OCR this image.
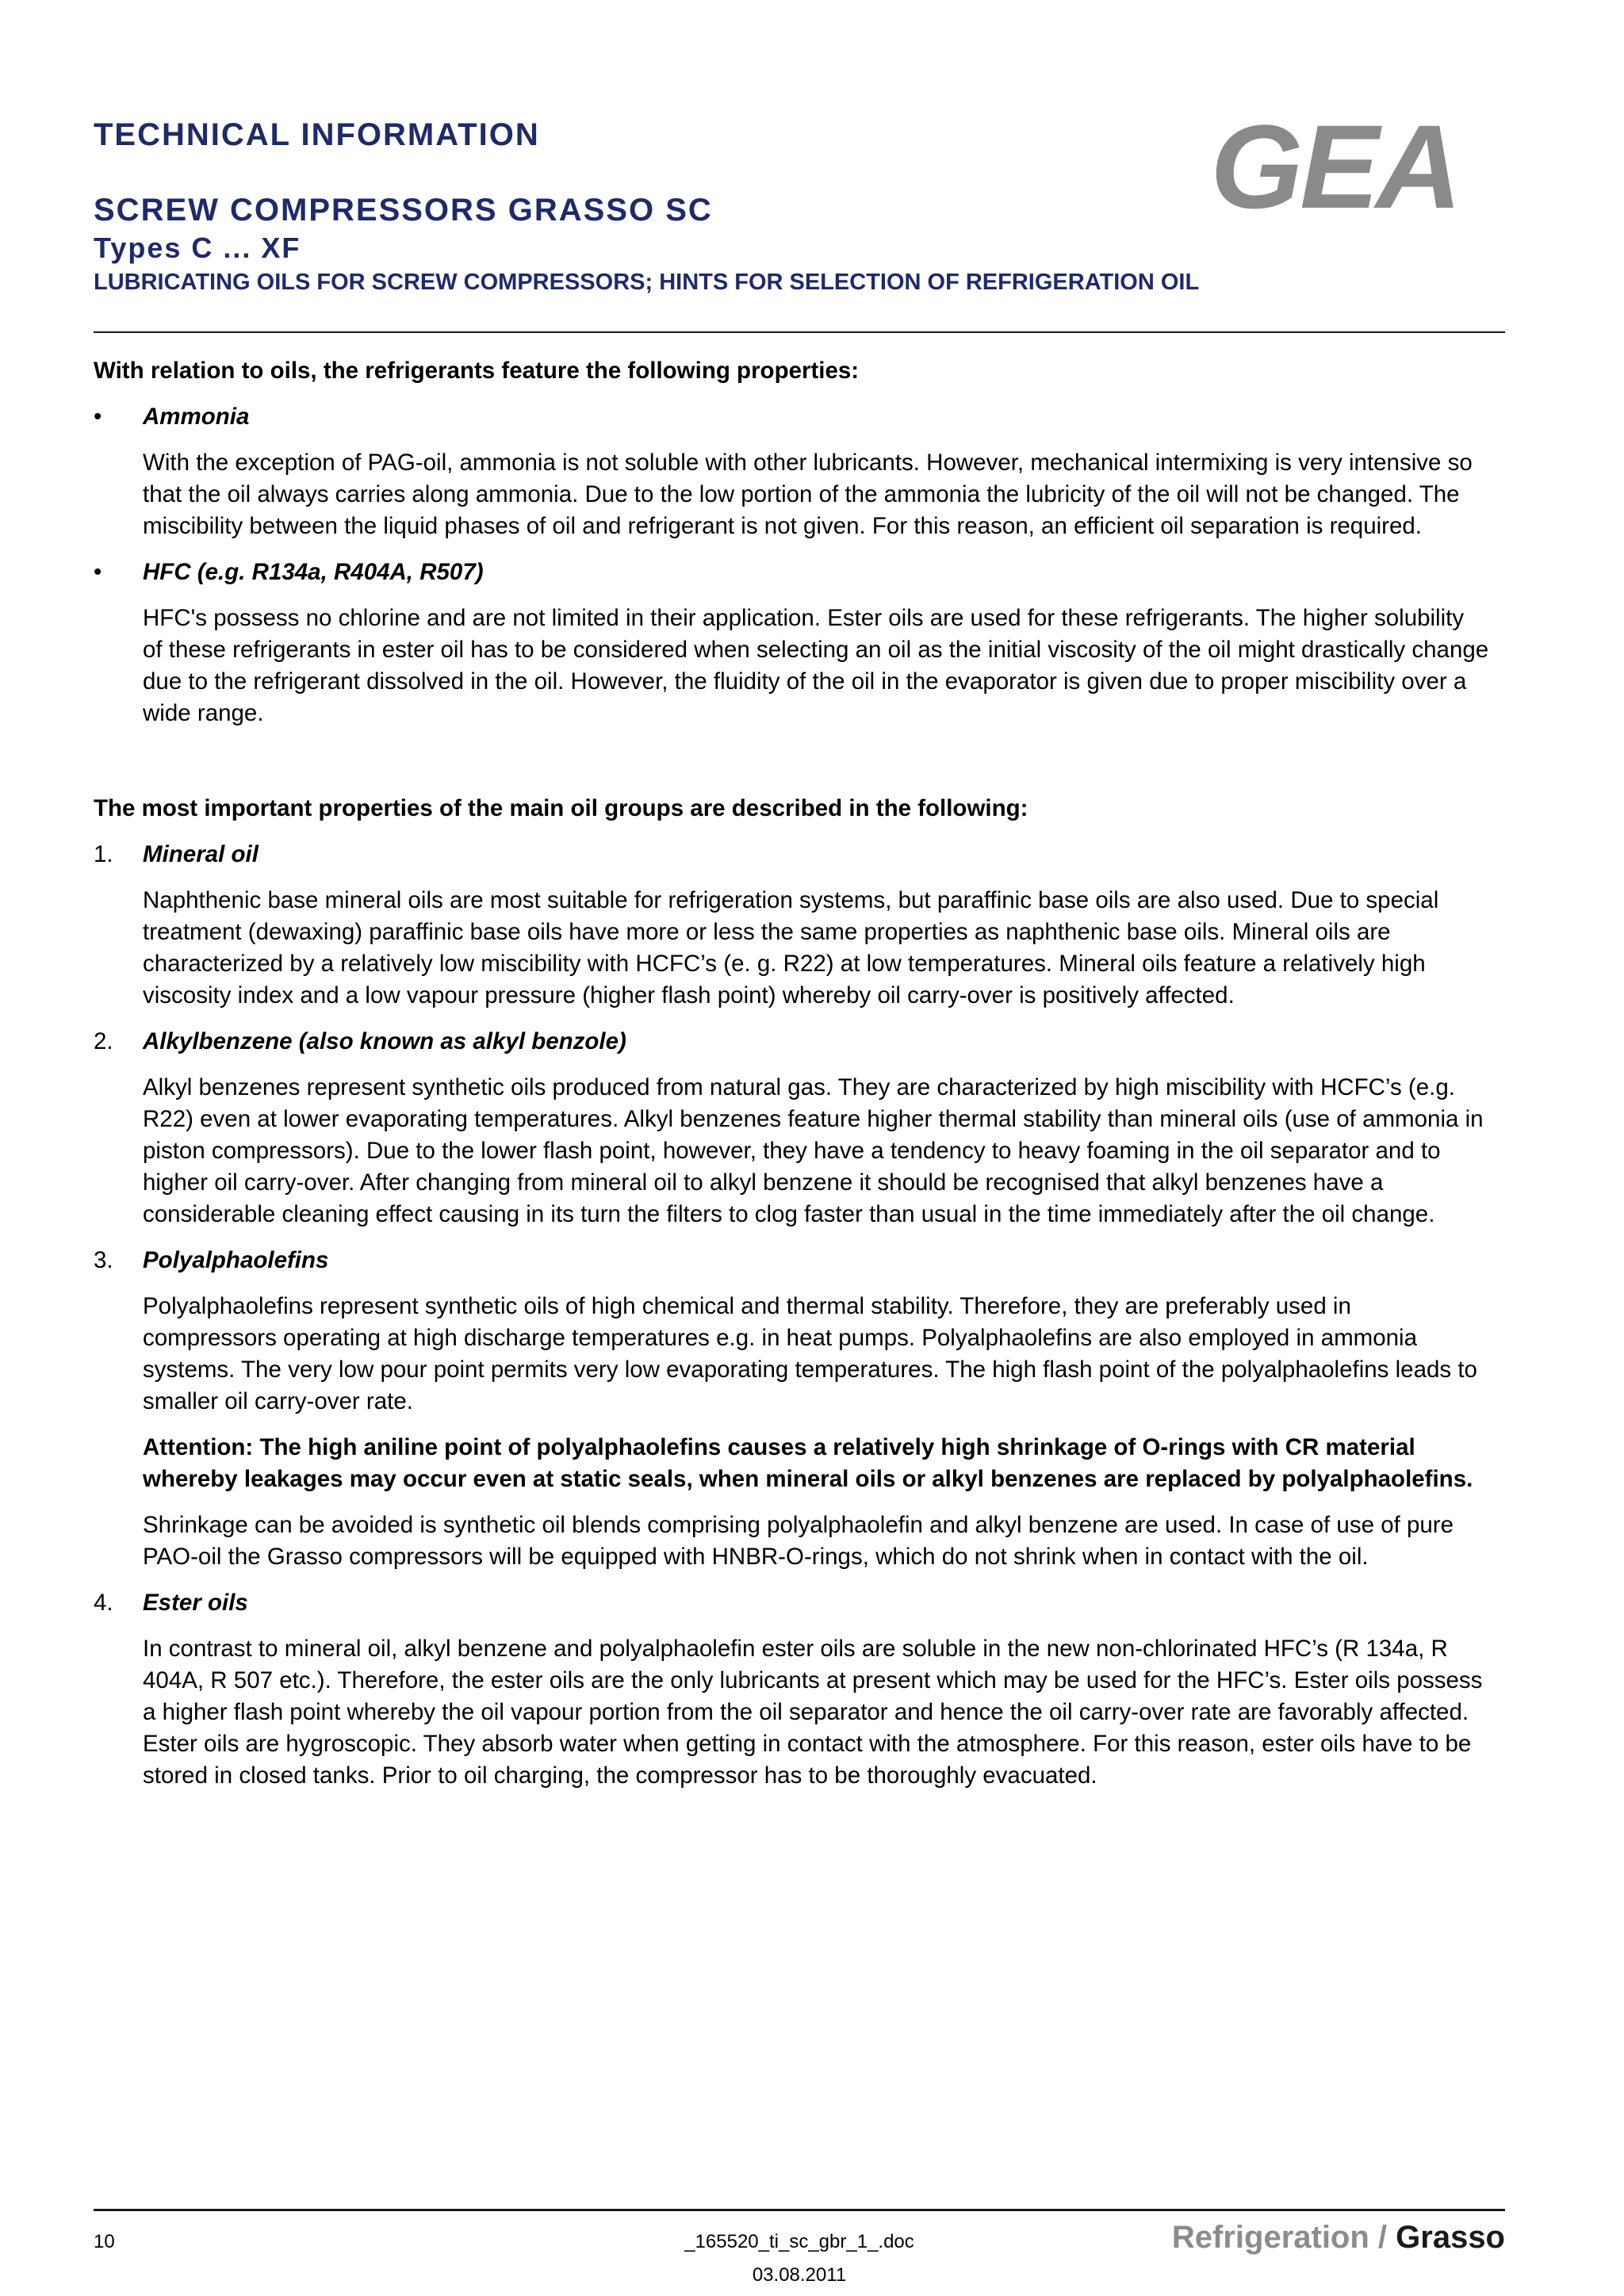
TECHNICAL INFORMATION
SCREW COMPRESSORS GRASSO SC
Types C ... XF
LUBRICATING OILS FOR SCREW COMPRESSORS; HINTS FOR SELECTION OF REFRIGERATION OIL
GEA

With relation to oils, the refrigerants feature the following properties:

• Ammonia

With the exception of PAG-oil, ammonia is not soluble with other lubricants. However, mechanical intermixing is very intensive so that the oil always carries along ammonia. Due to the low portion of the ammonia the lubricity of the oil will not be changed. The miscibility between the liquid phases of oil and refrigerant is not given. For this reason, an efficient oil separation is required.

• HFC (e.g. R134a, R404A, R507)

HFC's possess no chlorine and are not limited in their application. Ester oils are used for these refrigerants. The higher solubility of these refrigerants in ester oil has to be considered when selecting an oil as the initial viscosity of the oil might drastically change due to the refrigerant dissolved in the oil. However, the fluidity of the oil in the evaporator is given due to proper miscibility over a wide range.

The most important properties of the main oil groups are described in the following:

1. Mineral oil

Naphthenic base mineral oils are most suitable for refrigeration systems, but paraffinic base oils are also used. Due to special treatment (dewaxing) paraffinic base oils have more or less the same properties as naphthenic base oils. Mineral oils are characterized by a relatively low miscibility with HCFC’s (e. g. R22) at low temperatures. Mineral oils feature a relatively high viscosity index and a low vapour pressure (higher flash point) whereby oil carry-over is positively affected.

2. Alkylbenzene (also known as alkyl benzole)

Alkyl benzenes represent synthetic oils produced from natural gas. They are characterized by high miscibility with HCFC’s (e.g. R22) even at lower evaporating temperatures. Alkyl benzenes feature higher thermal stability than mineral oils (use of ammonia in piston compressors). Due to the lower flash point, however, they have a tendency to heavy foaming in the oil separator and to higher oil carry-over. After changing from mineral oil to alkyl benzene it should be recognised that alkyl benzenes have a considerable cleaning effect causing in its turn the filters to clog faster than usual in the time immediately after the oil change.

3. Polyalphaolefins

Polyalphaolefins represent synthetic oils of high chemical and thermal stability. Therefore, they are preferably used in compressors operating at high discharge temperatures e.g. in heat pumps. Polyalphaolefins are also employed in ammonia systems. The very low pour point permits very low evaporating temperatures. The high flash point of the polyalphaolefins leads to smaller oil carry-over rate.

Attention: The high aniline point of polyalphaolefins causes a relatively high shrinkage of O-rings with CR material whereby leakages may occur even at static seals, when mineral oils or alkyl benzenes are replaced by polyalphaolefins.

Shrinkage can be avoided is synthetic oil blends comprising polyalphaolefin and alkyl benzene are used. In case of use of pure PAO-oil the Grasso compressors will be equipped with HNBR-O-rings, which do not shrink when in contact with the oil.

4. Ester oils

In contrast to mineral oil, alkyl benzene and polyalphaolefin ester oils are soluble in the new non-chlorinated HFC’s (R 134a, R 404A, R 507 etc.). Therefore, the ester oils are the only lubricants at present which may be used for the HFC’s. Ester oils possess a higher flash point whereby the oil vapour portion from the oil separator and hence the oil carry-over rate are favorably affected. Ester oils are hygroscopic. They absorb water when getting in contact with the atmosphere. For this reason, ester oils have to be stored in closed tanks. Prior to oil charging, the compressor has to be thoroughly evacuated.

10	_165520_ti_sc_gbr_1_.doc
03.08.2011
Refrigeration / Grasso
